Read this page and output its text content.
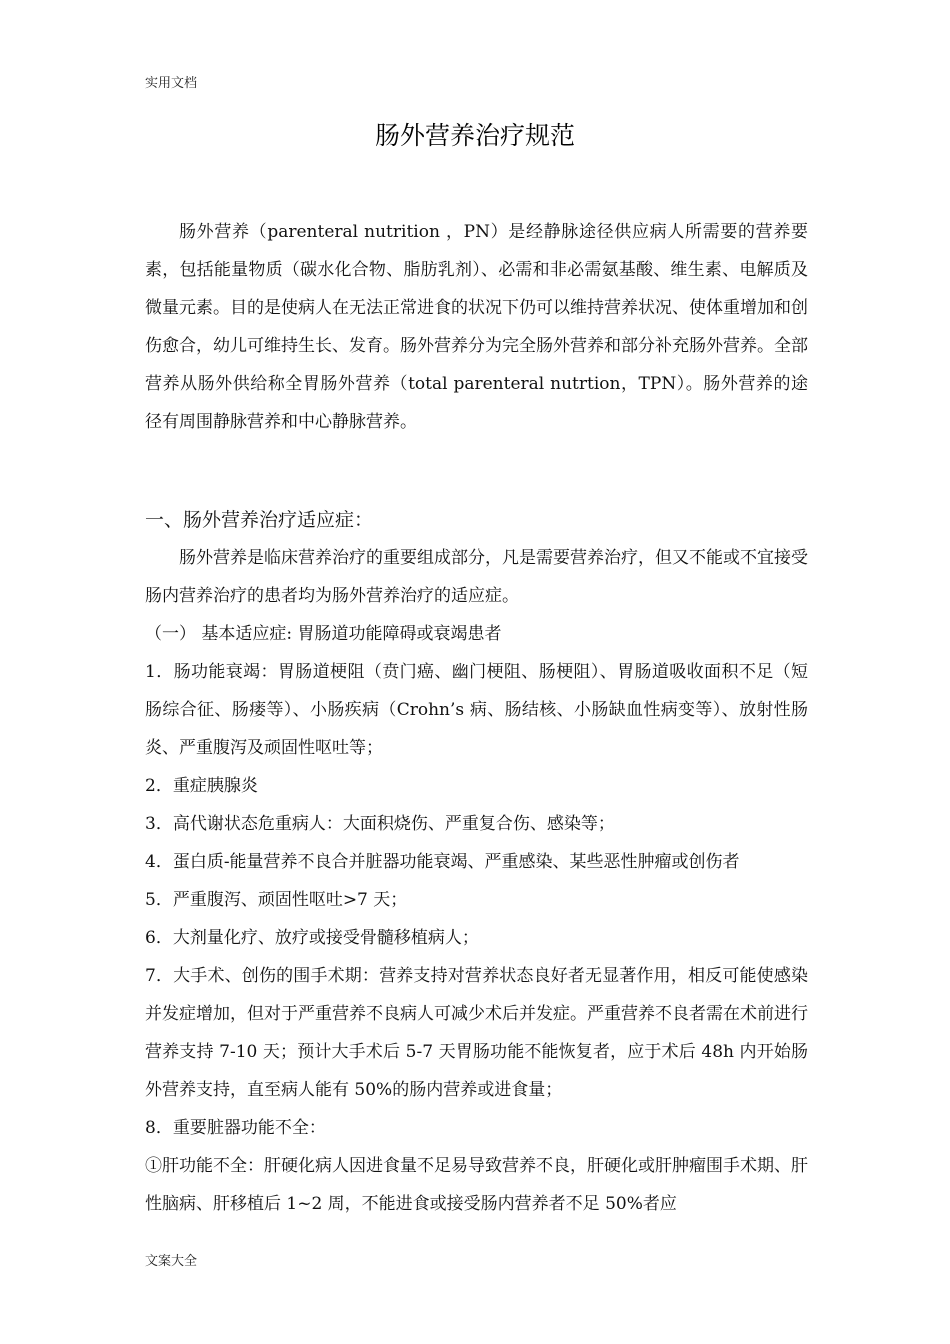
实用文档
肠外营养治疗规范

肠外营养（parenteral nutrition ，PN）是经静脉途径供应病人所需要的营养要素，包括能量物质（碳水化合物、脂肪乳剂）、必需和非必需氨基酸、维生素、电解质及微量元素。目的是使病人在无法正常进食的状况下仍可以维持营养状况、使体重增加和创伤愈合，幼儿可维持生长、发育。肠外营养分为完全肠外营养和部分补充肠外营养。全部营养从肠外供给称全胃肠外营养（total parenteral nutrtion，TPN）。肠外营养的途径有周围静脉营养和中心静脉营养。

一、肠外营养治疗适应症：

肠外营养是临床营养治疗的重要组成部分，凡是需要营养治疗，但又不能或不宜接受肠内营养治疗的患者均为肠外营养治疗的适应症。

（一） 基本适应症: 胃肠道功能障碍或衰竭患者

1．肠功能衰竭：胃肠道梗阻（贲门癌、幽门梗阻、肠梗阻）、胃肠道吸收面积不足（短肠综合征、肠瘘等）、小肠疾病（Crohn’s 病、肠结核、小肠缺血性病变等）、放射性肠炎、严重腹泻及顽固性呕吐等；

2．重症胰腺炎

3．高代谢状态危重病人：大面积烧伤、严重复合伤、感染等；

4．蛋白质-能量营养不良合并脏器功能衰竭、严重感染、某些恶性肿瘤或创伤者

5．严重腹泻、顽固性呕吐>7 天；

6．大剂量化疗、放疗或接受骨髓移植病人；

7．大手术、创伤的围手术期：营养支持对营养状态良好者无显著作用，相反可能使感染并发症增加，但对于严重营养不良病人可减少术后并发症。严重营养不良者需在术前进行营养支持 7-10 天；预计大手术后 5-7 天胃肠功能不能恢复者，应于术后 48h 内开始肠外营养支持，直至病人能有 50%的肠内营养或进食量；

8．重要脏器功能不全：

①肝功能不全：肝硬化病人因进食量不足易导致营养不良，肝硬化或肝肿瘤围手术期、肝性脑病、肝移植后 1~2 周，不能进食或接受肠内营养者不足 50%者应

文案大全
